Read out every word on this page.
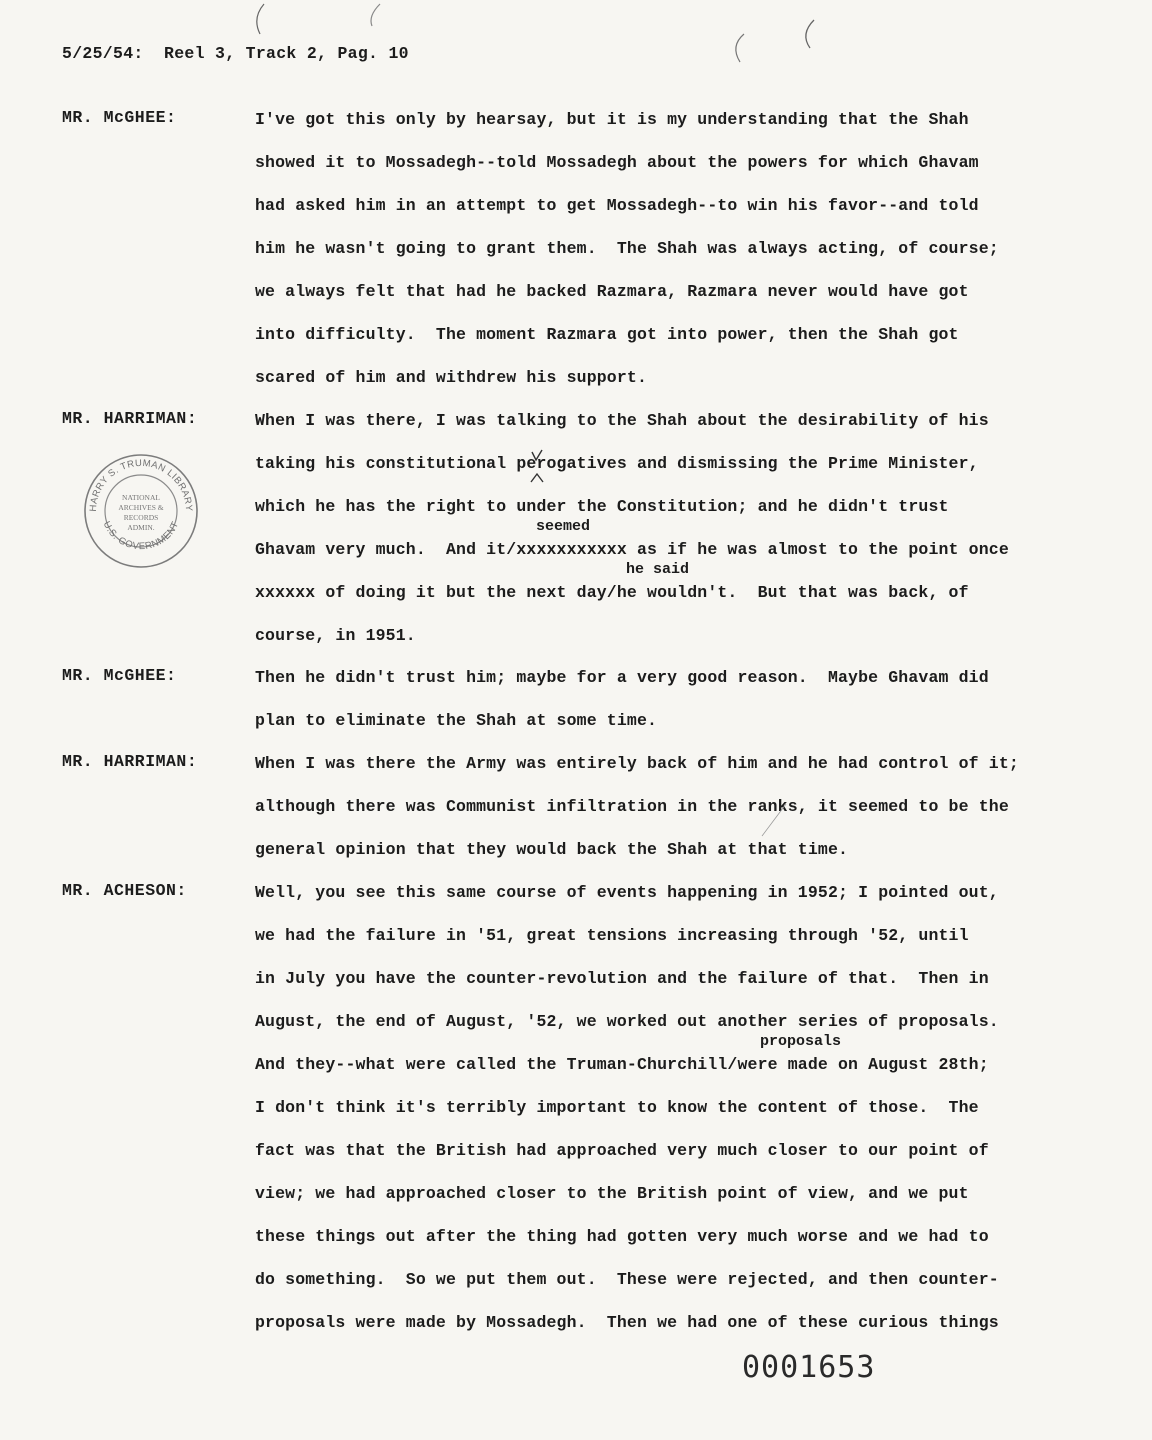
5/25/54:  Reel 3, Track 2, Pag. 10
MR. McGHEE:
MR. HARRIMAN:
MR. McGHEE:
MR. HARRIMAN:
MR. ACHESON:
I've got this only by hearsay, but it is my understanding that the Shah
showed it to Mossadegh--told Mossadegh about the powers for which Ghavam
had asked him in an attempt to get Mossadegh--to win his favor--and told
him he wasn't going to grant them.  The Shah was always acting, of course;
we always felt that had he backed Razmara, Razmara never would have got
into difficulty.  The moment Razmara got into power, then the Shah got
scared of him and withdrew his support.
When I was there, I was talking to the Shah about the desirability of his
taking his constitutional perogatives and dismissing the Prime Minister,
which he has the right to under the Constitution; and he didn't trust
Ghavam very much.  And it/xxxxxxxxxxx as if he was almost to the point once
xxxxxx of doing it but the next day/he wouldn't.  But that was back, of
course, in 1951.
Then he didn't trust him; maybe for a very good reason.  Maybe Ghavam did
plan to eliminate the Shah at some time.
When I was there the Army was entirely back of him and he had control of it;
although there was Communist infiltration in the ranks, it seemed to be the
general opinion that they would back the Shah at that time.
Well, you see this same course of events happening in 1952; I pointed out,
we had the failure in '51, great tensions increasing through '52, until
in July you have the counter-revolution and the failure of that.  Then in
August, the end of August, '52, we worked out another series of proposals.
And they--what were called the Truman-Churchill/were made on August 28th;
I don't think it's terribly important to know the content of those.  The
fact was that the British had approached very much closer to our point of
view; we had approached closer to the British point of view, and we put
these things out after the thing had gotten very much worse and we had to
do something.  So we put them out.  These were rejected, and then counter-
proposals were made by Mossadegh.  Then we had one of these curious things
seemed
he said
proposals
HARRY S. TRUMAN LIBRARY
U.S. GOVERNMENT
NATIONAL
ARCHIVES &
RECORDS
ADMIN.
0001653
